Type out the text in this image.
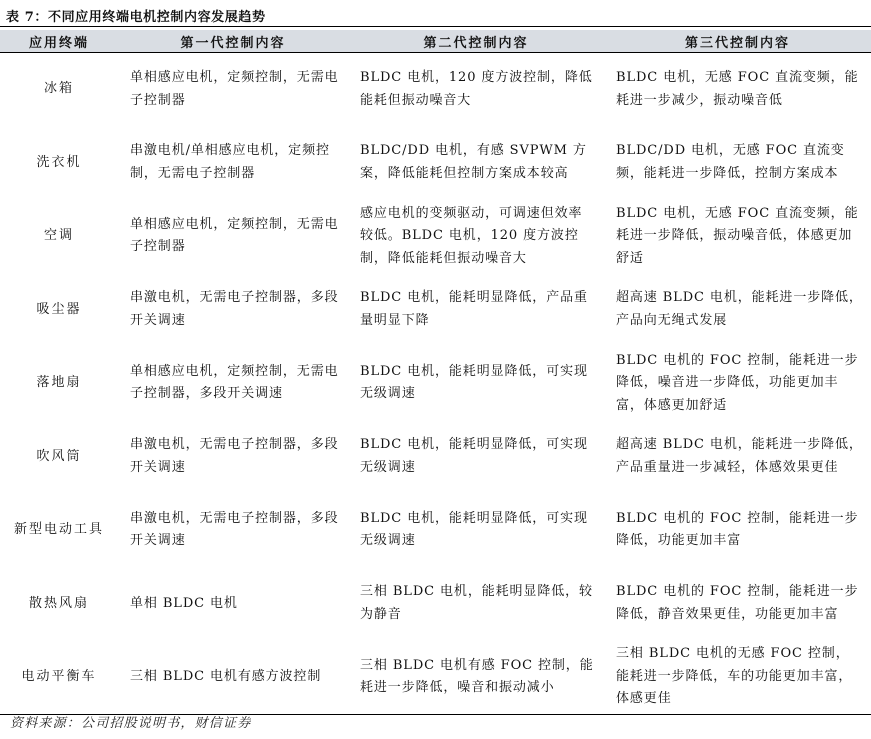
表 7：不同应用终端电机控制内容发展趋势
应用终端	第一代控制内容	第二代控制内容	第三代控制内容
冰箱	单相感应电机，定频控制，无需电子控制器	BLDC 电机，120 度方波控制，降低能耗但振动噪音大	BLDC 电机，无感 FOC 直流变频，能耗进一步减少，振动噪音低
洗衣机	串激电机/单相感应电机，定频控制，无需电子控制器	BLDC/DD 电机，有感 SVPWM 方案，降低能耗但控制方案成本较高	BLDC/DD 电机，无感 FOC 直流变频，能耗进一步降低，控制方案成本
空调	单相感应电机，定频控制，无需电子控制器	感应电机的变频驱动，可调速但效率较低。BLDC 电机，120 度方波控制，降低能耗但振动噪音大	BLDC 电机，无感 FOC 直流变频，能耗进一步降低，振动噪音低，体感更加舒适
吸尘器	串激电机，无需电子控制器，多段开关调速	BLDC 电机，能耗明显降低，产品重量明显下降	超高速 BLDC 电机，能耗进一步降低，产品向无绳式发展
落地扇	单相感应电机，定频控制，无需电子控制器，多段开关调速	BLDC 电机，能耗明显降低，可实现无级调速	BLDC 电机的 FOC 控制，能耗进一步降低，噪音进一步降低，功能更加丰富，体感更加舒适
吹风筒	串激电机，无需电子控制器，多段开关调速	BLDC 电机，能耗明显降低，可实现无级调速	超高速 BLDC 电机，能耗进一步降低，产品重量进一步减轻，体感效果更佳
新型电动工具	串激电机，无需电子控制器，多段开关调速	BLDC 电机，能耗明显降低，可实现无级调速	BLDC 电机的 FOC 控制，能耗进一步降低，功能更加丰富
散热风扇	单相 BLDC 电机	三相 BLDC 电机，能耗明显降低，较为静音	BLDC 电机的 FOC 控制，能耗进一步降低，静音效果更佳，功能更加丰富
电动平衡车	三相 BLDC 电机有感方波控制	三相 BLDC 电机有感 FOC 控制，能耗进一步降低，噪音和振动减小	三相 BLDC 电机的无感 FOC 控制，能耗进一步降低，车的功能更加丰富，体感更佳
资料来源：公司招股说明书，财信证券
